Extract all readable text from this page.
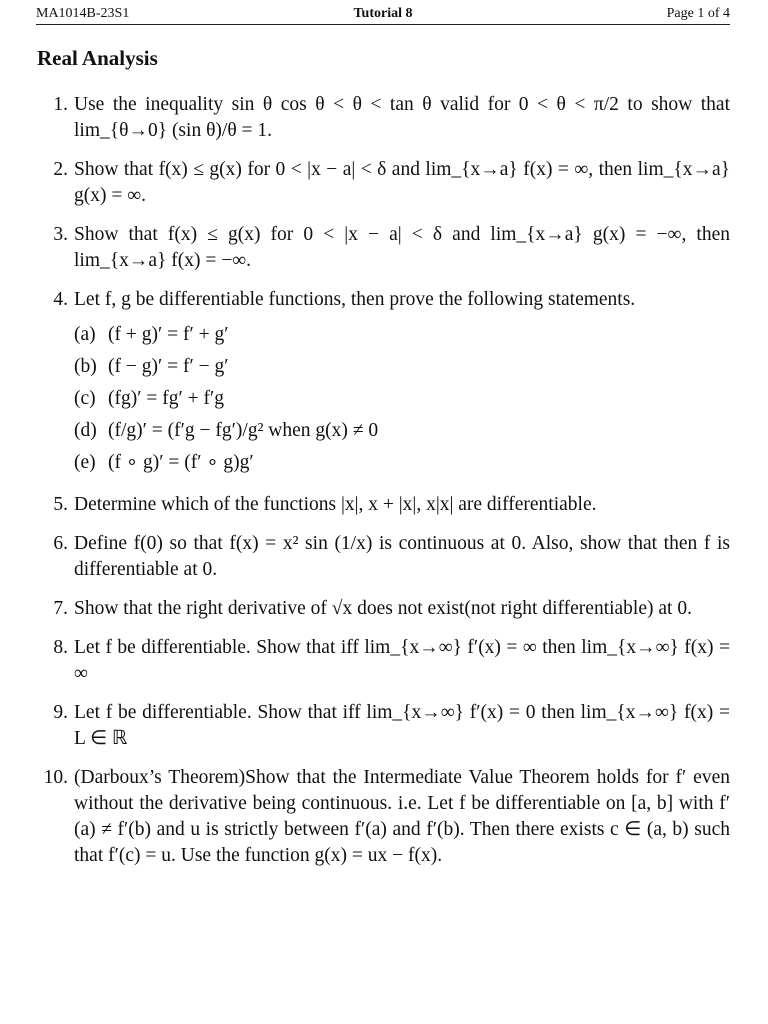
MA1014B-23S1	Tutorial 8	Page 1 of 4
Real Analysis
1. Use the inequality sin θ cos θ < θ < tan θ valid for 0 < θ < π/2 to show that lim_{θ→0} (sin θ)/θ = 1.
2. Show that f(x) ≤ g(x) for 0 < |x − a| < δ and lim_{x→a} f(x) = ∞, then lim_{x→a} g(x) = ∞.
3. Show that f(x) ≤ g(x) for 0 < |x − a| < δ and lim_{x→a} g(x) = −∞, then lim_{x→a} f(x) = −∞.
4. Let f, g be differentiable functions, then prove the following statements.
(a) (f + g)′ = f′ + g′
(b) (f − g)′ = f′ − g′
(c) (fg)′ = fg′ + f′g
(d) (f/g)′ = (f′g − fg′)/g² when g(x) ≠ 0
(e) (f ∘ g)′ = (f′ ∘ g)g′
5. Determine which of the functions |x|, x + |x|, x|x| are differentiable.
6. Define f(0) so that f(x) = x² sin (1/x) is continuous at 0. Also, show that then f is differentiable at 0.
7. Show that the right derivative of √x does not exist(not right differentiable) at 0.
8. Let f be differentiable. Show that iff lim_{x→∞} f′(x) = ∞ then lim_{x→∞} f(x) = ∞
9. Let f be differentiable. Show that iff lim_{x→∞} f′(x) = 0 then lim_{x→∞} f(x) = L ∈ ℝ
10. (Darboux’s Theorem)Show that the Intermediate Value Theorem holds for f′ even without the derivative being continuous. i.e. Let f be differentiable on [a, b] with f′(a) ≠ f′(b) and u is strictly between f′(a) and f′(b). Then there exists c ∈ (a, b) such that f′(c) = u. Use the function g(x) = ux − f(x).
